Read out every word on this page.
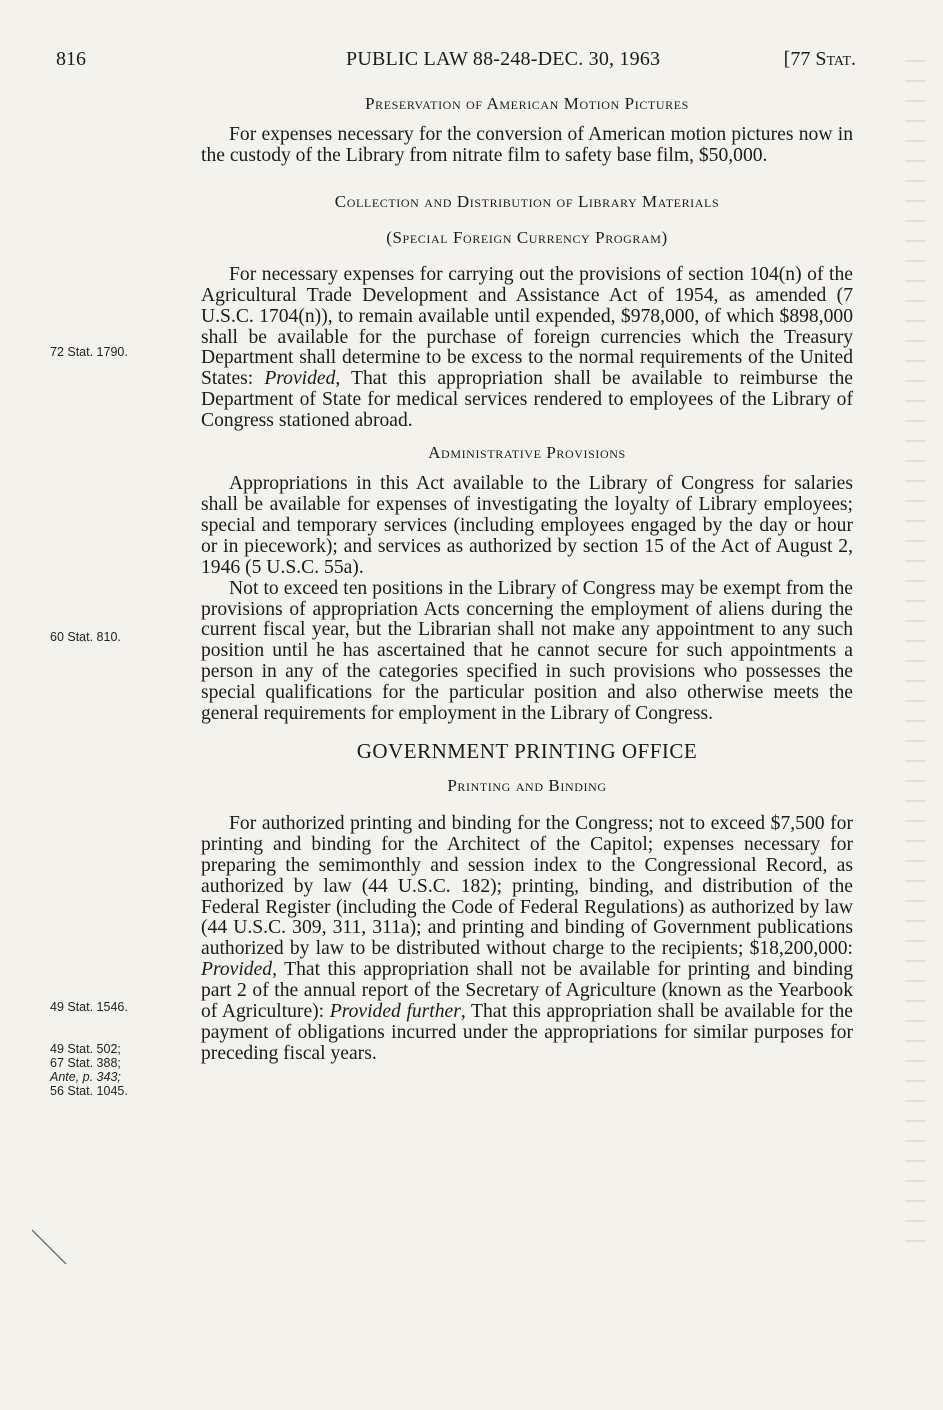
816	PUBLIC LAW 88-248-DEC. 30, 1963	[77 Stat.

Preservation of American Motion Pictures

For expenses necessary for the conversion of American motion pictures now in the custody of the Library from nitrate film to safety base film, $50,000.

Collection and Distribution of Library Materials

(Special Foreign Currency Program)

For necessary expenses for carrying out the provisions of section 104(n) of the Agricultural Trade Development and Assistance Act of 1954, as amended (7 U.S.C. 1704(n)), to remain available until expended, $978,000, of which $898,000 shall be available for the purchase of foreign currencies which the Treasury Department shall determine to be excess to the normal requirements of the United States: Provided, That this appropriation shall be available to reimburse the Department of State for medical services rendered to employees of the Library of Congress stationed abroad.

Administrative Provisions

Appropriations in this Act available to the Library of Congress for salaries shall be available for expenses of investigating the loyalty of Library employees; special and temporary services (including employees engaged by the day or hour or in piecework); and services as authorized by section 15 of the Act of August 2, 1946 (5 U.S.C. 55a).

Not to exceed ten positions in the Library of Congress may be exempt from the provisions of appropriation Acts concerning the employment of aliens during the current fiscal year, but the Librarian shall not make any appointment to any such position until he has ascertained that he cannot secure for such appointments a person in any of the categories specified in such provisions who possesses the special qualifications for the particular position and also otherwise meets the general requirements for employment in the Library of Congress.

GOVERNMENT PRINTING OFFICE

Printing and Binding

For authorized printing and binding for the Congress; not to exceed $7,500 for printing and binding for the Architect of the Capitol; expenses necessary for preparing the semimonthly and session index to the Congressional Record, as authorized by law (44 U.S.C. 182); printing, binding, and distribution of the Federal Register (including the Code of Federal Regulations) as authorized by law (44 U.S.C. 309, 311, 311a); and printing and binding of Government publications authorized by law to be distributed without charge to the recipients; $18,200,000: Provided, That this appropriation shall not be available for printing and binding part 2 of the annual report of the Secretary of Agriculture (known as the Yearbook of Agriculture): Provided further, That this appropriation shall be available for the payment of obligations incurred under the appropriations for similar purposes for preceding fiscal years.

72 Stat. 1790.
60 Stat. 810.
49 Stat. 1546.
49 Stat. 502;
67 Stat. 388;
Ante, p. 343;
56 Stat. 1045.
